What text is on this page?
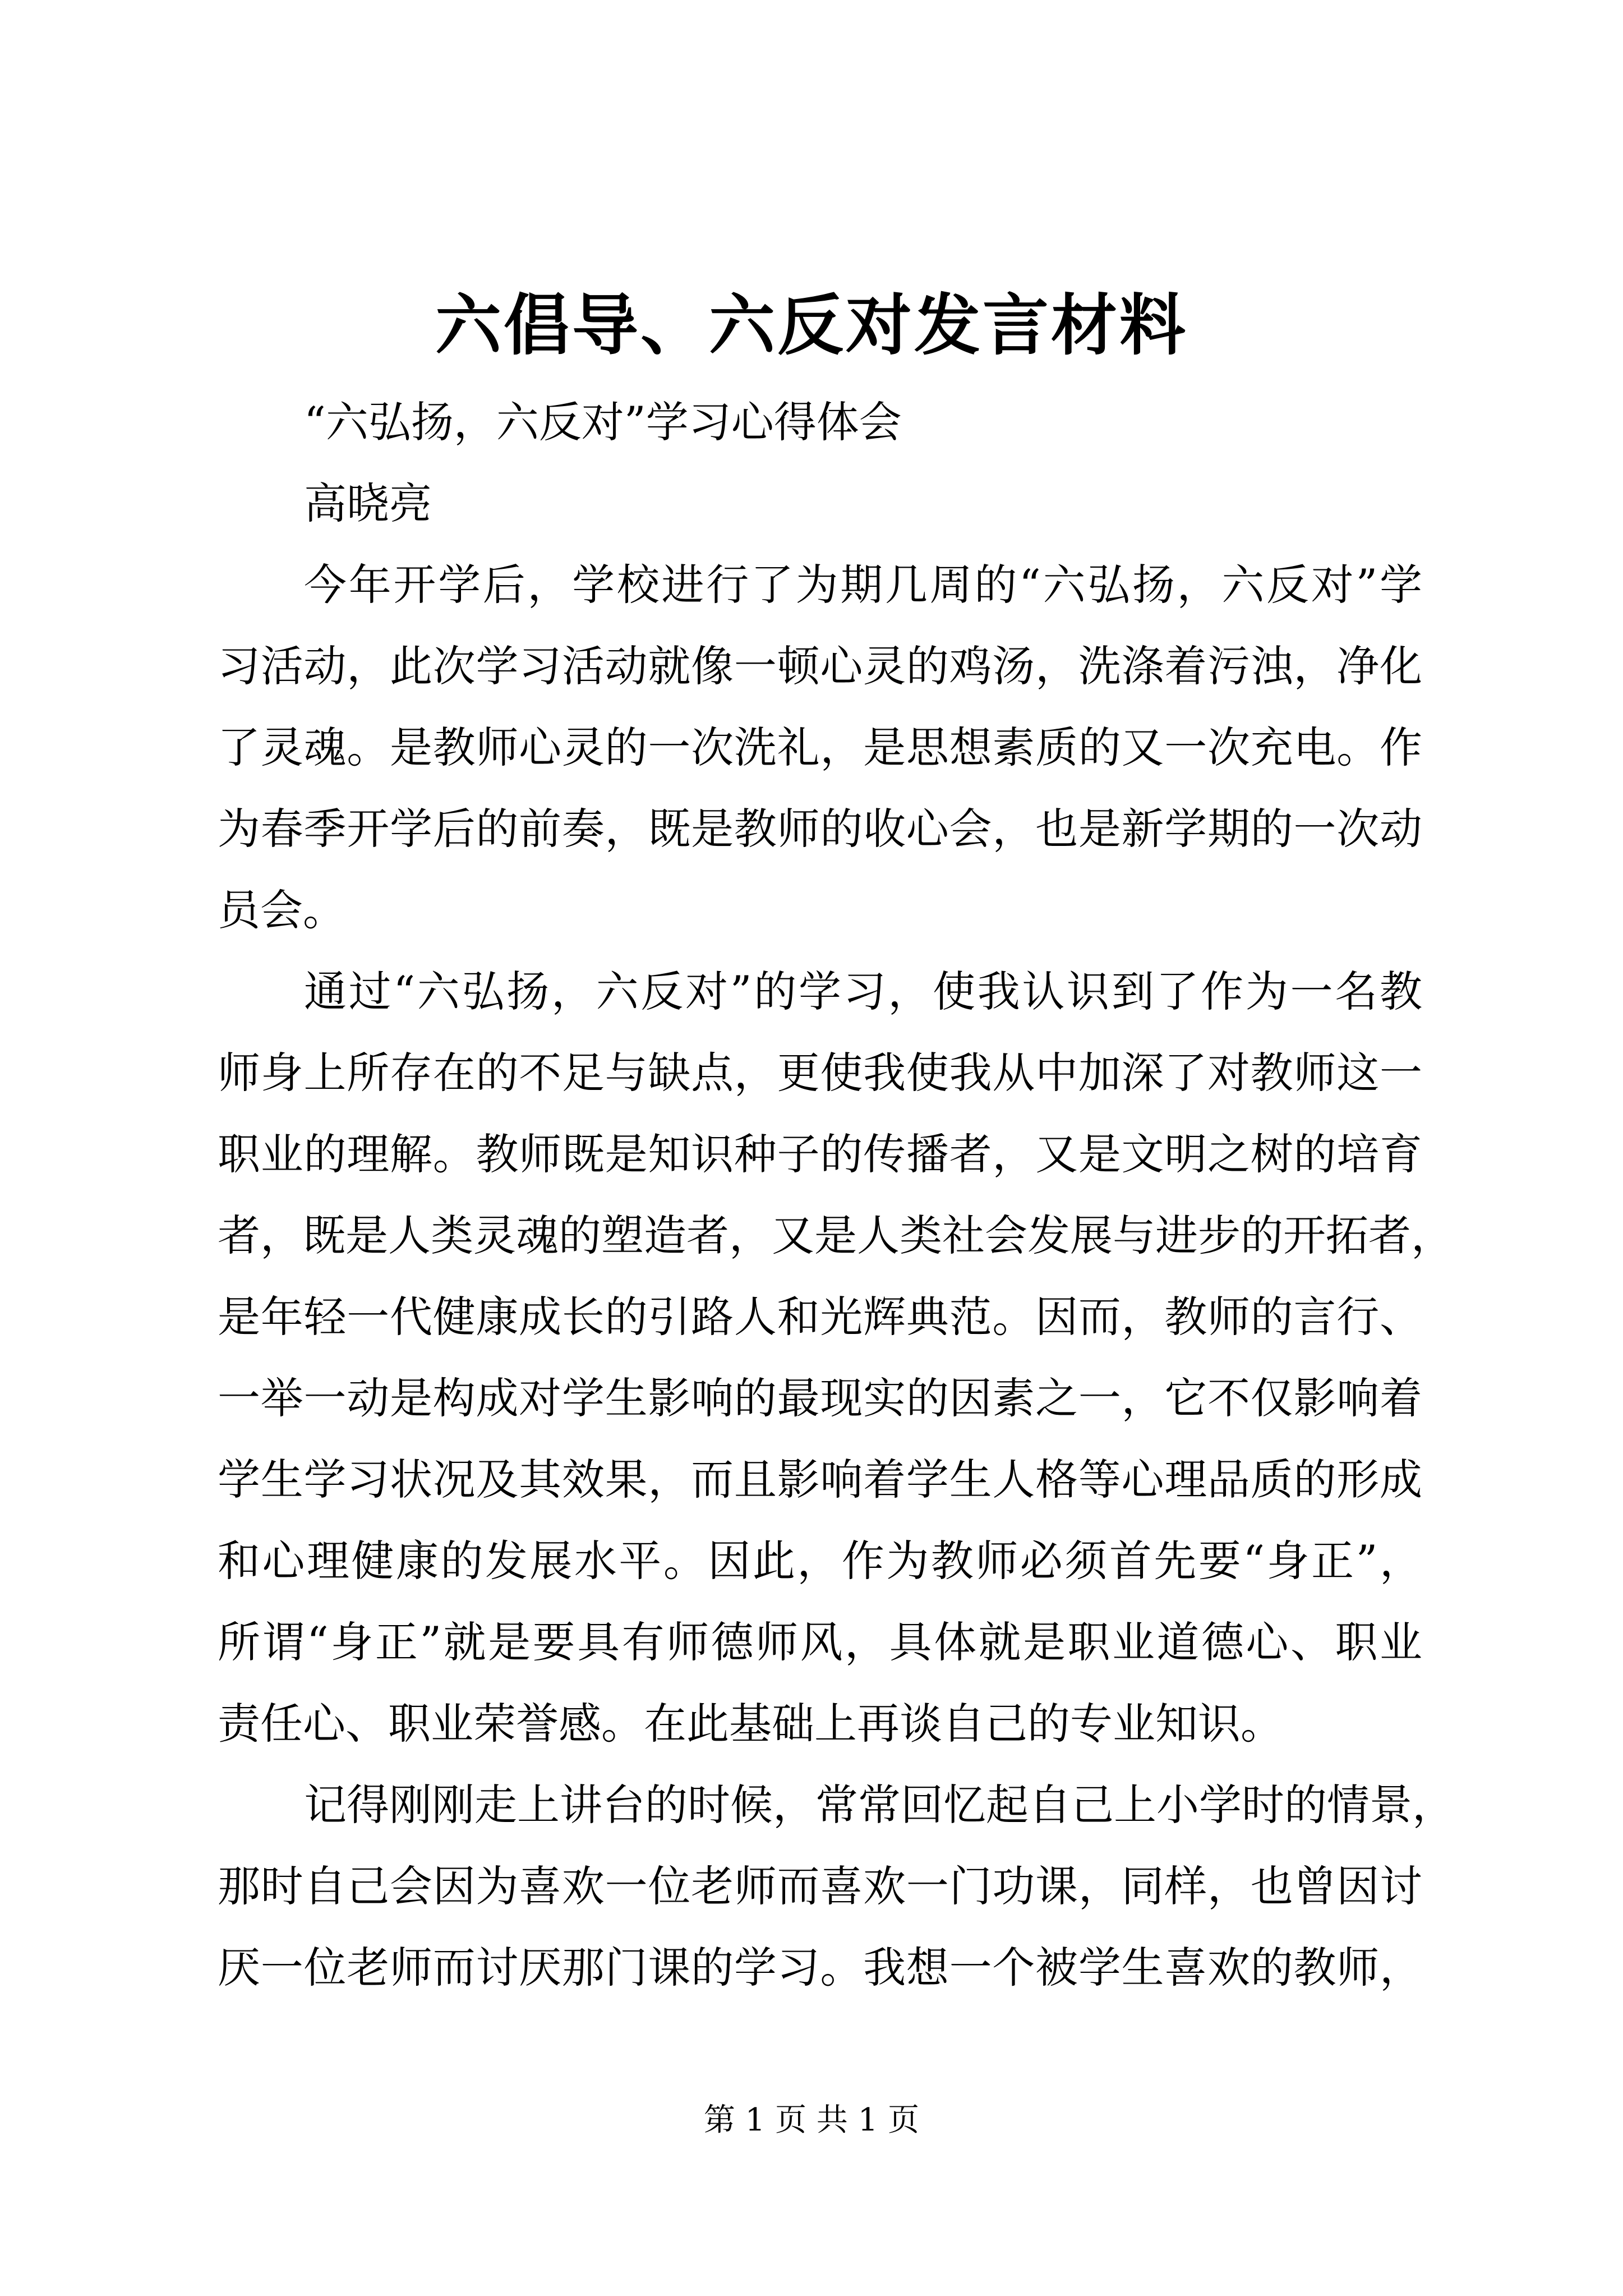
六倡导、六反对发言材料
“六弘扬，六反对”学习心得体会
高晓亮
今年开学后，学校进行了为期几周的“六弘扬，六反对”学
习活动，此次学习活动就像一顿心灵的鸡汤，洗涤着污浊，净化
了灵魂。是教师心灵的一次洗礼，是思想素质的又一次充电。作
为春季开学后的前奏，既是教师的收心会，也是新学期的一次动
员会。
通过“六弘扬，六反对”的学习，使我认识到了作为一名教
师身上所存在的不足与缺点，更使我使我从中加深了对教师这一
职业的理解。教师既是知识种子的传播者，又是文明之树的培育
者，既是人类灵魂的塑造者，又是人类社会发展与进步的开拓者，
是年轻一代健康成长的引路人和光辉典范。因而，教师的言行、
一举一动是构成对学生影响的最现实的因素之一，它不仅影响着
学生学习状况及其效果，而且影响着学生人格等心理品质的形成
和心理健康的发展水平。因此，作为教师必须首先要“身正”，
所谓“身正”就是要具有师德师风，具体就是职业道德心、职业
责任心、职业荣誉感。在此基础上再谈自己的专业知识。
记得刚刚走上讲台的时候，常常回忆起自己上小学时的情景，
那时自己会因为喜欢一位老师而喜欢一门功课，同样，也曾因讨
厌一位老师而讨厌那门课的学习。我想一个被学生喜欢的教师，
第 1 页 共 1 页
